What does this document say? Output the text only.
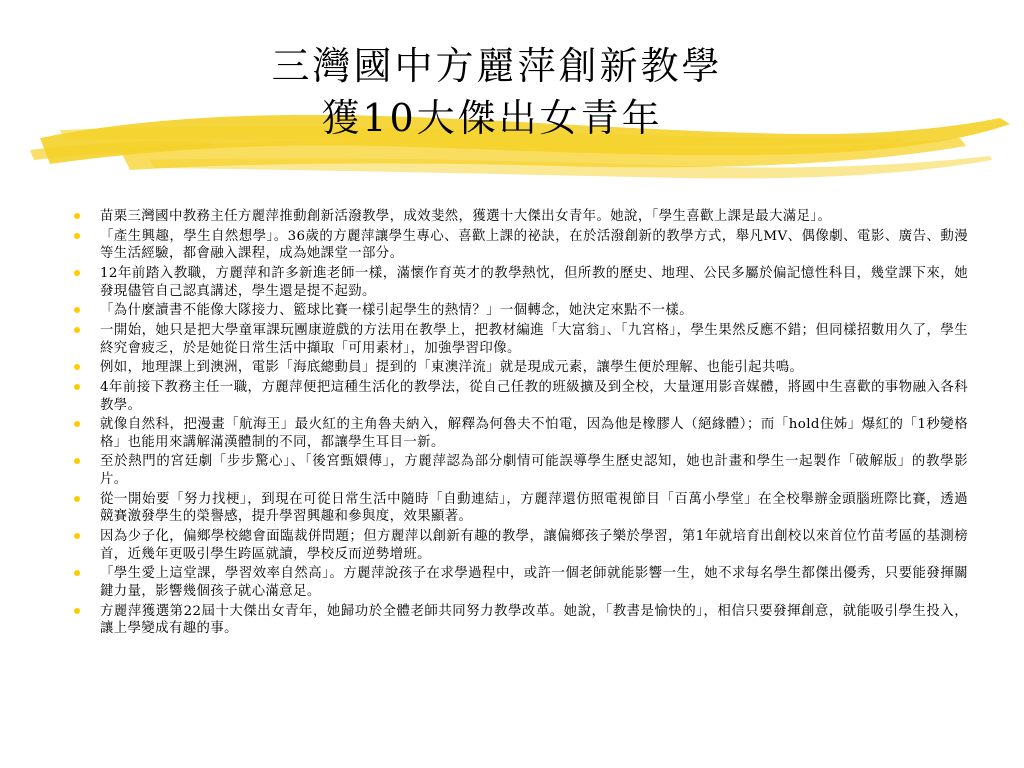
三灣國中方麗萍創新教學
獲10大傑出女青年
苗栗三灣國中教務主任方麗萍推動創新活潑教學，成效斐然，獲選十大傑出女青年。她說，「學生喜歡上課是最大滿足」。
「產生興趣，學生自然想學」。36歲的方麗萍讓學生專心、喜歡上課的祕訣，在於活潑創新的教學方式，舉凡MV、偶像劇、電影、廣告、動漫等生活經驗，都會融入課程，成為她課堂一部分。
12年前踏入教職，方麗萍和許多新進老師一樣，滿懷作育英才的教學熱忱，但所教的歷史、地理、公民多屬於偏記憶性科目，幾堂課下來，她發現儘管自己認真講述，學生還是提不起勁。
「為什麼讀書不能像大隊接力、籃球比賽一樣引起學生的熱情？」一個轉念，她決定來點不一樣。
一開始，她只是把大學童軍課玩團康遊戲的方法用在教學上，把教材編進「大富翁」、「九宮格」，學生果然反應不錯；但同樣招數用久了，學生終究會疲乏，於是她從日常生活中擷取「可用素材」，加強學習印像。
例如，地理課上到澳洲，電影「海底總動員」提到的「東澳洋流」就是現成元素，讓學生便於理解、也能引起共鳴。
4年前接下教務主任一職，方麗萍便把這種生活化的教學法，從自己任教的班級擴及到全校，大量運用影音媒體，將國中生喜歡的事物融入各科教學。
就像自然科，把漫畫「航海王」最火紅的主角魯夫納入，解釋為何魯夫不怕電，因為他是橡膠人（絕緣體）；而「hold住姊」爆紅的「1秒變格格」也能用來講解滿漢體制的不同，都讓學生耳目一新。
至於熱門的宮廷劇「步步驚心」、「後宮甄嬛傳」，方麗萍認為部分劇情可能誤導學生歷史認知，她也計畫和學生一起製作「破解版」的教學影片。
從一開始要「努力找梗」，到現在可從日常生活中隨時「自動連結」，方麗萍還仿照電視節目「百萬小學堂」在全校舉辦金頭腦班際比賽，透過競賽激發學生的榮譽感，提升學習興趣和參與度，效果顯著。
因為少子化，偏鄉學校總會面臨裁併問題；但方麗萍以創新有趣的教學，讓偏鄉孩子樂於學習，第1年就培育出創校以來首位竹苗考區的基測榜首，近幾年更吸引學生跨區就讀，學校反而逆勢增班。
「學生愛上這堂課，學習效率自然高」。方麗萍說孩子在求學過程中，或許一個老師就能影響一生，她不求每名學生都傑出優秀，只要能發揮關鍵力量，影響幾個孩子就心滿意足。
方麗萍獲選第22屆十大傑出女青年，她歸功於全體老師共同努力教學改革。她說，「教書是愉快的」，相信只要發揮創意，就能吸引學生投入，讓上學變成有趣的事。
